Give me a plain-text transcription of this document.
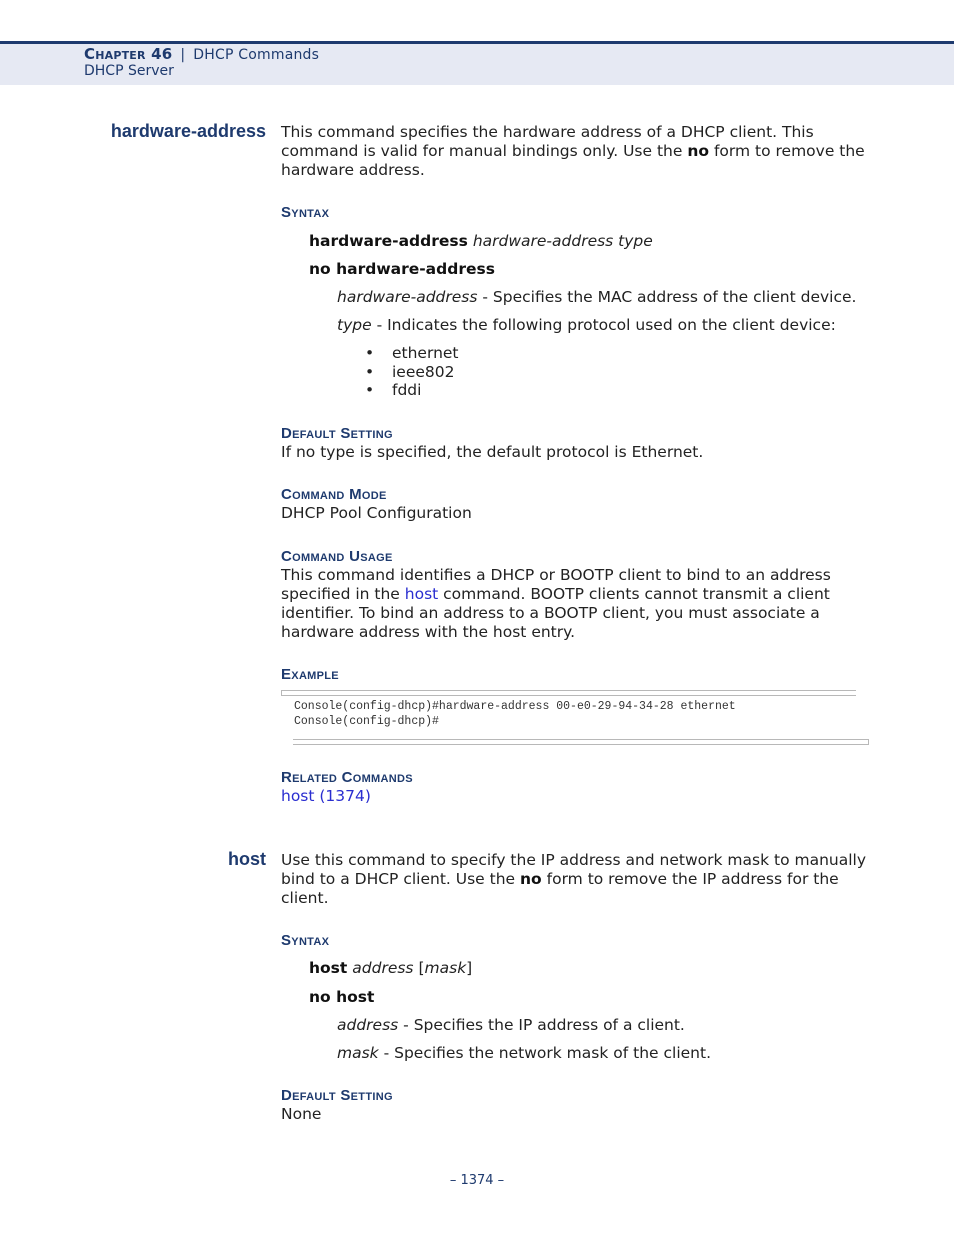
Chapter 46 | DHCP Commands
DHCP Server
hardware-address This command specifies the hardware address of a DHCP client. This command is valid for manual bindings only. Use the no form to remove the hardware address.
Syntax
hardware-address hardware-address type
no hardware-address
hardware-address - Specifies the MAC address of the client device.
type - Indicates the following protocol used on the client device:
• ethernet
• ieee802
• fddi
Default Setting
If no type is specified, the default protocol is Ethernet.
Command Mode
DHCP Pool Configuration
Command Usage
This command identifies a DHCP or BOOTP client to bind to an address specified in the host command. BOOTP clients cannot transmit a client identifier. To bind an address to a BOOTP client, you must associate a hardware address with the host entry.
Example
Console(config-dhcp)#hardware-address 00-e0-29-94-34-28 ethernet
Console(config-dhcp)#
Related Commands
host (1374)
host Use this command to specify the IP address and network mask to manually bind to a DHCP client. Use the no form to remove the IP address for the client.
Syntax
host address [mask]
no host
address - Specifies the IP address of a client.
mask - Specifies the network mask of the client.
Default Setting
None
– 1374 –
